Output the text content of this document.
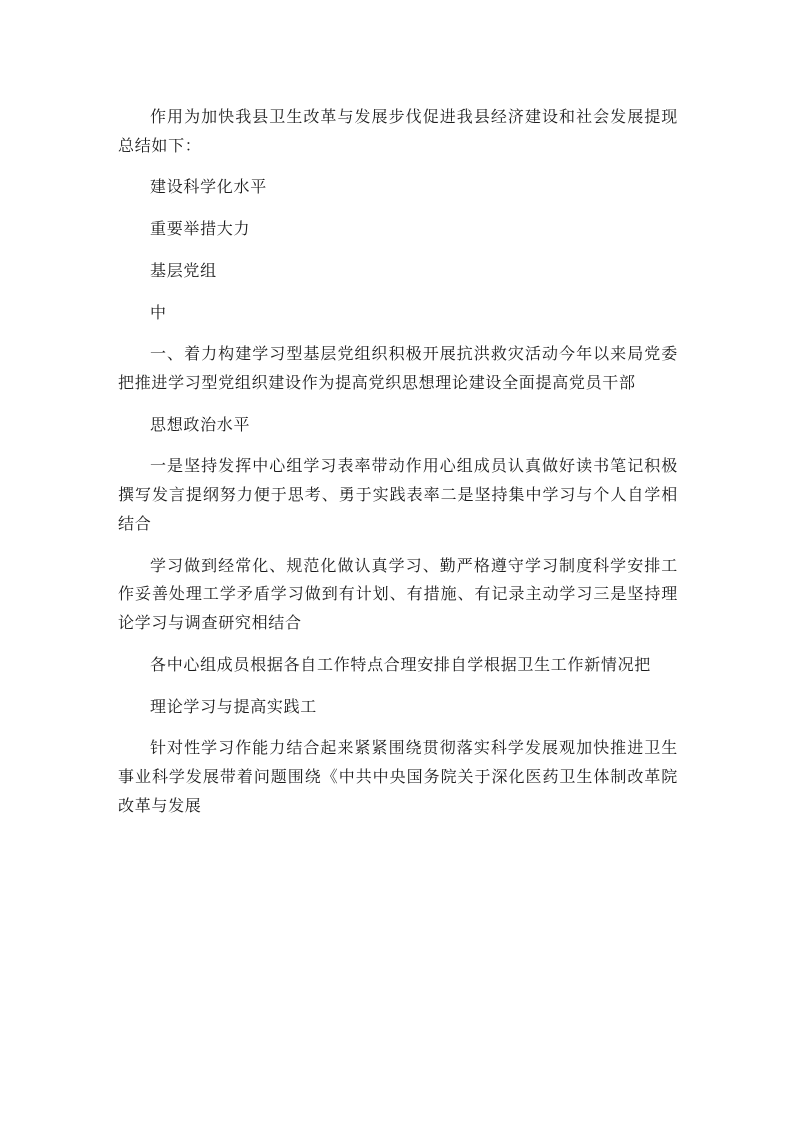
作用为加快我县卫生改革与发展步伐促进我县经济建设和社会发展提现总结如下：

建设科学化水平

重要举措大力

基层党组

中

一、着力构建学习型基层党组织积极开展抗洪救灾活动今年以来局党委把推进学习型党组织建设作为提高党织思想理论建设全面提高党员干部

思想政治水平

一是坚持发挥中心组学习表率带动作用心组成员认真做好读书笔记积极撰写发言提纲努力便于思考、勇于实践表率二是坚持集中学习与个人自学相结合

学习做到经常化、规范化做认真学习、勤严格遵守学习制度科学安排工作妥善处理工学矛盾学习做到有计划、有措施、有记录主动学习三是坚持理论学习与调查研究相结合

各中心组成员根据各自工作特点合理安排自学根据卫生工作新情况把

理论学习与提高实践工

针对性学习作能力结合起来紧紧围绕贯彻落实科学发展观加快推进卫生事业科学发展带着问题围绕《中共中央国务院关于深化医药卫生体制改革院改革与发展
